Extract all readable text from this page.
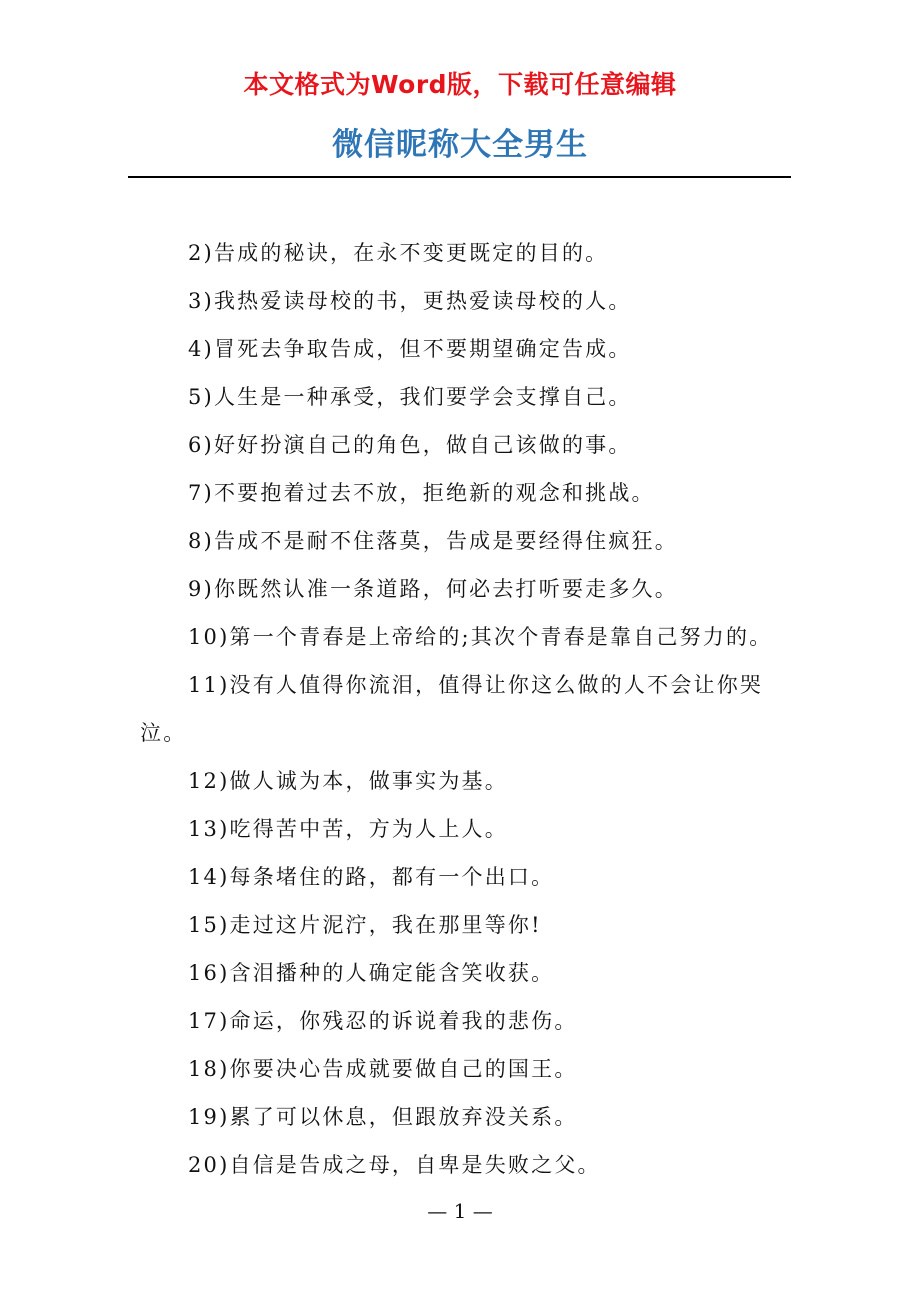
本文格式为Word版，下载可任意编辑
微信昵称大全男生
2)告成的秘诀，在永不变更既定的目的。
3)我热爱读母校的书，更热爱读母校的人。
4)冒死去争取告成，但不要期望确定告成。
5)人生是一种承受，我们要学会支撑自己。
6)好好扮演自己的角色，做自己该做的事。
7)不要抱着过去不放，拒绝新的观念和挑战。
8)告成不是耐不住落莫，告成是要经得住疯狂。
9)你既然认准一条道路，何必去打听要走多久。
10)第一个青春是上帝给的;其次个青春是靠自己努力的。
11)没有人值得你流泪，值得让你这么做的人不会让你哭泣。
12)做人诚为本，做事实为基。
13)吃得苦中苦，方为人上人。
14)每条堵住的路，都有一个出口。
15)走过这片泥泞，我在那里等你!
16)含泪播种的人确定能含笑收获。
17)命运，你残忍的诉说着我的悲伤。
18)你要决心告成就要做自己的国王。
19)累了可以休息，但跟放弃没关系。
20)自信是告成之母，自卑是失败之父。
— 1 —
